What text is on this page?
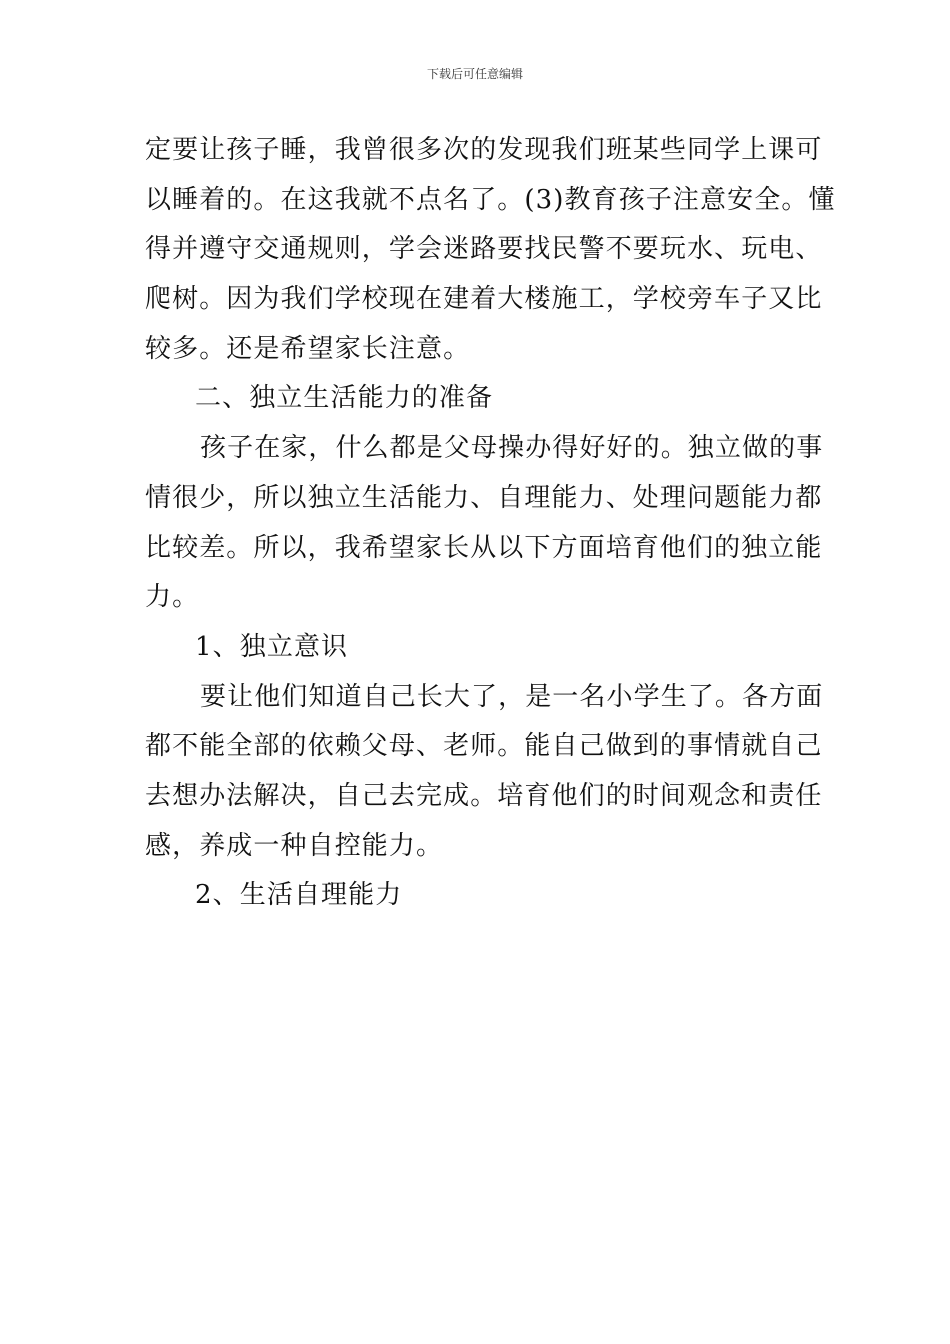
下载后可任意编辑
定要让孩子睡，我曾很多次的发现我们班某些同学上课可
以睡着的。在这我就不点名了。(3)教育孩子注意安全。懂
得并遵守交通规则，学会迷路要找民警不要玩水、玩电、
爬树。因为我们学校现在建着大楼施工，学校旁车子又比
较多。还是希望家长注意。
二、独立生活能力的准备
孩子在家，什么都是父母操办得好好的。独立做的事
情很少，所以独立生活能力、自理能力、处理问题能力都
比较差。所以，我希望家长从以下方面培育他们的独立能
力。
1、独立意识
要让他们知道自己长大了，是一名小学生了。各方面
都不能全部的依赖父母、老师。能自己做到的事情就自己
去想办法解决，自己去完成。培育他们的时间观念和责任
感，养成一种自控能力。
2、生活自理能力
